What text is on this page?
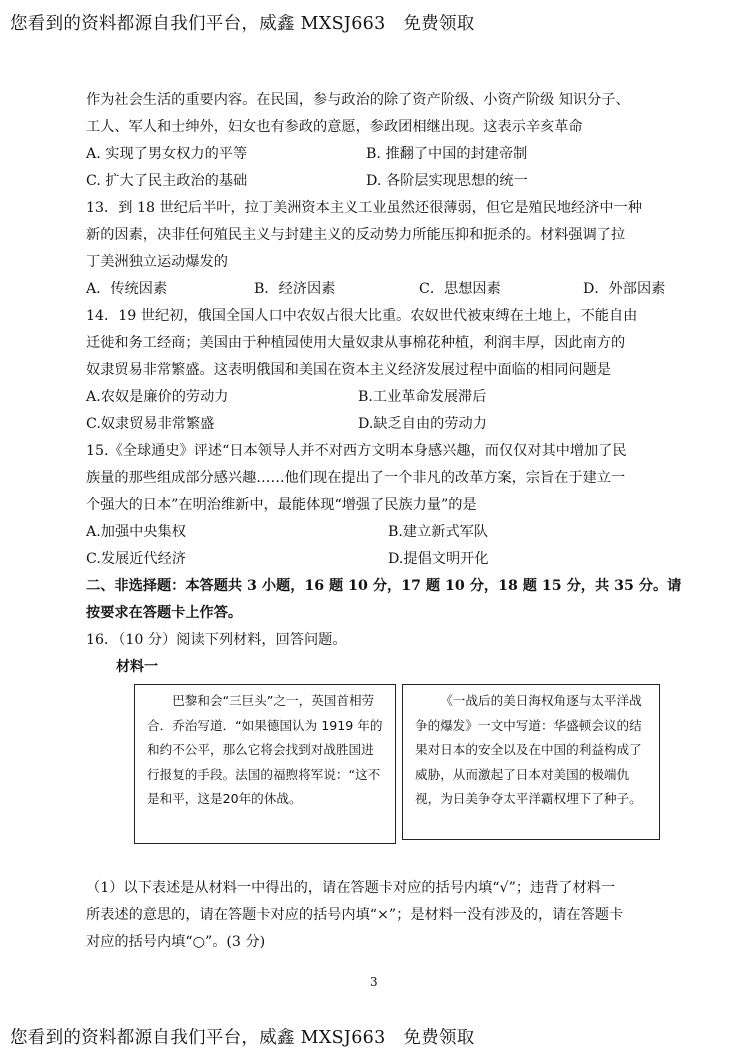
您看到的资料都源自我们平台，威鑫 MXSJ663　免费领取
作为社会生活的重要内容。在民国，参与政治的除了资产阶级、小资产阶级 知识分子、
工人、军人和士绅外，妇女也有参政的意愿，参政团相继出现。这表示辛亥革命
A. 实现了男女权力的平等	B. 推翻了中国的封建帝制
C. 扩大了民主政治的基础	D. 各阶层实现思想的统一
13．到 18 世纪后半叶，拉丁美洲资本主义工业虽然还很薄弱，但它是殖民地经济中一种
新的因素，决非任何殖民主义与封建主义的反动势力所能压抑和扼杀的。材料强调了拉
丁美洲独立运动爆发的
A．传统因素	B．经济因素	C．思想因素	D．外部因素
14．19 世纪初，俄国全国人口中农奴占很大比重。农奴世代被束缚在土地上，不能自由
迁徙和务工经商；美国由于种植园使用大量奴隶从事棉花种植，利润丰厚，因此南方的
奴隶贸易非常繁盛。这表明俄国和美国在资本主义经济发展过程中面临的相同问题是
A.农奴是廉价的劳动力	B.工业革命发展滞后
C.奴隶贸易非常繁盛	D.缺乏自由的劳动力
15.《全球通史》评述“日本领导人并不对西方文明本身感兴趣，而仅仅对其中增加了民
族量的那些组成部分感兴趣……他们现在提出了一个非凡的改革方案，宗旨在于建立一
个强大的日本”在明治维新中，最能体现“增强了民族力量”的是
A.加强中央集权	B.建立新式军队
C.发展近代经济	D.提倡文明开化
二、非选择题：本答题共 3 小题，16 题 10 分，17 题 10 分，18 题 15 分，共 35 分。请
按要求在答题卡上作答。
16．（10 分）阅读下列材料，回答问题。
材料一

巴黎和会“三巨头”之一，英国首相劳合．乔治写道．“如果德国认为 1919 年的和约不公平，那么它将会找到对战胜国进行报复的手段。法国的福煦将军说：“这不是和平，这是20年的休战。

《一战后的美日海权角逐与太平洋战争的爆发》一文中写道：华盛顿会议的结果对日本的安全以及在中国的利益构成了威胁，从而激起了日本对美国的极端仇视，为日美争夺太平洋霸权埋下了种子。

（1）以下表述是从材料一中得出的，请在答题卡对应的括号内填“√”；违背了材料一
所表述的意思的，请在答题卡对应的括号内填“×”；是材料一没有涉及的，请在答题卡
对应的括号内填“○”。(3 分)
3
您看到的资料都源自我们平台，威鑫 MXSJ663　免费领取
